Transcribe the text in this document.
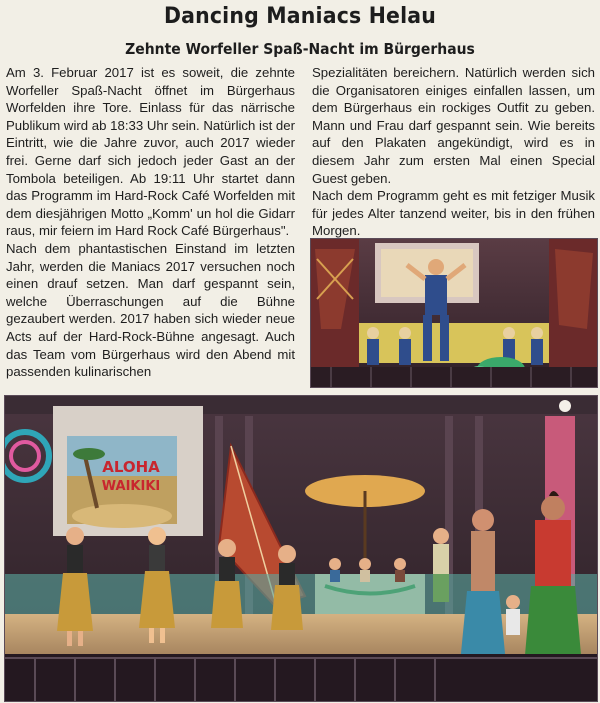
Dancing Maniacs Helau
Zehnte Worfeller Spaß-Nacht im Bürgerhaus

Am 3. Februar 2017 ist es soweit, die zehnte Worfeller Spaß-Nacht öffnet im Bürgerhaus Worfelden ihre Tore. Einlass für das närrische Publikum wird ab 18:33 Uhr sein. Natürlich ist der Eintritt, wie die Jahre zuvor, auch 2017 wieder frei. Gerne darf sich jedoch jeder Gast an der Tombola beteiligen. Ab 19:11 Uhr startet dann das Programm im Hard-Rock Café Worfelden mit dem diesjährigen Motto „Komm' un hol die Gidarr raus, mir feiern im Hard Rock Café Bürgerhaus".

Nach dem phantastischen Einstand im letzten Jahr, werden die Maniacs 2017 versuchen noch einen drauf setzen. Man darf gespannt sein, welche Überraschungen auf die Bühne gezaubert werden. 2017 haben sich wieder neue Acts auf der Hard-Rock-Bühne angesagt. Auch das Team vom Bürgerhaus wird den Abend mit passenden kulinarischen

Spezialitäten bereichern. Natürlich werden sich die Organisatoren einiges einfallen lassen, um dem Bürgerhaus ein rockiges Outfit zu geben. Mann und Frau darf gespannt sein. Wie bereits auf den Plakaten angekündigt, wird es in diesem Jahr zum ersten Mal einen Special Guest geben.

Nach dem Programm geht es mit fetziger Musik für jedes Alter tanzend weiter, bis in den frühen Morgen.

ALOHA
WAIKIKI
